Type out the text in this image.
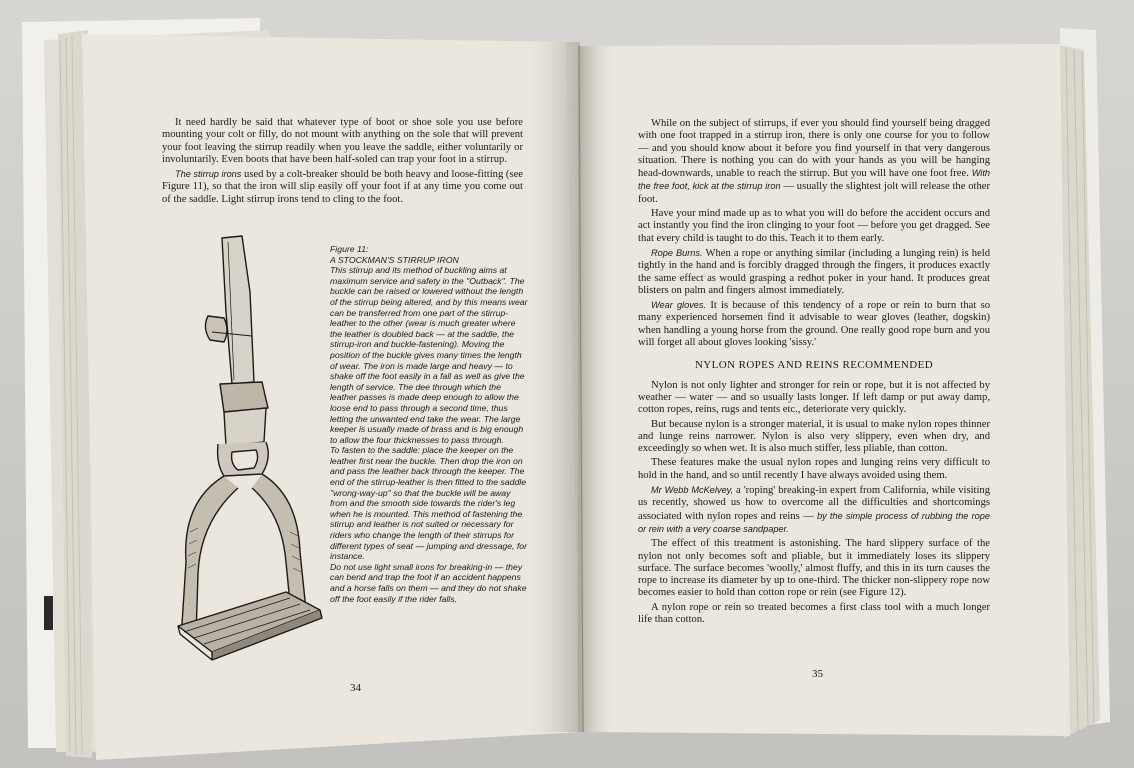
It need hardly be said that whatever type of boot or shoe sole you use before mounting your colt or filly, do not mount with anything on the sole that will prevent your foot leaving the stirrup readily when you leave the saddle, either voluntarily or involuntarily. Even boots that have been half-soled can trap your foot in a stirrup.

The stirrup irons used by a colt-breaker should be both heavy and loose-fitting (see Figure 11), so that the iron will slip easily off your foot if at any time you come out of the saddle. Light stirrup irons tend to cling to the foot.

Figure 11:
A STOCKMAN'S STIRRUP IRON
This stirrup and its method of buckling aims at maximum service and safety in the "Outback". The buckle can be raised or lowered without the length of the stirrup being altered, and by this means wear can be transferred from one part of the stirrup-leather to the other (wear is much greater where the leather is doubled back — at the saddle, the stirrup-iron and buckle-fastening). Moving the position of the buckle gives many times the length of wear. The iron is made large and heavy — to shake off the foot easily in a fall as well as give the length of service. The dee through which the leather passes is made deep enough to allow the loose end to pass through a second time, thus letting the unwanted end take the wear. The large keeper is usually made of brass and is big enough to allow the four thicknesses to pass through.
To fasten to the saddle: place the keeper on the leather first near the buckle. Then drop the iron on and pass the leather back through the keeper. The end of the stirrup-leather is then fitted to the saddle "wrong-way-up" so that the buckle will be away from and the smooth side towards the rider's leg when he is mounted. This method of fastening the stirrup and leather is not suited or necessary for riders who change the length of their stirrups for different types of seat — jumping and dressage, for instance.
Do not use light small irons for breaking-in — they can bend and trap the foot if an accident happens and a horse falls on them — and they do not shake off the foot easily if the rider falls.
34

While on the subject of stirrups, if ever you should find yourself being dragged with one foot trapped in a stirrup iron, there is only one course for you to follow — and you should know about it before you find yourself in that very dangerous situation. There is nothing you can do with your hands as you will be hanging head-downwards, unable to reach the stirrup. But you will have one foot free. With the free foot, kick at the stirrup iron — usually the slightest jolt will release the other foot.

Have your mind made up as to what you will do before the accident occurs and act instantly you find the iron clinging to your foot — before you get dragged. See that every child is taught to do this. Teach it to them early.

Rope Burns. When a rope or anything similar (including a lunging rein) is held tightly in the hand and is forcibly dragged through the fingers, it produces exactly the same effect as would grasping a redhot poker in your hand. It produces great blisters on palm and fingers almost immediately.

Wear gloves. It is because of this tendency of a rope or rein to burn that so many experienced horsemen find it advisable to wear gloves (leather, dogskin) when handling a young horse from the ground. One really good rope burn and you will forget all about gloves looking 'sissy.'

NYLON ROPES AND REINS RECOMMENDED

Nylon is not only lighter and stronger for rein or rope, but it is not affected by weather — water — and so usually lasts longer. If left damp or put away damp, cotton ropes, reins, rugs and tents etc., deteriorate very quickly.

But because nylon is a stronger material, it is usual to make nylon ropes thinner and lunge reins narrower. Nylon is also very slippery, even when dry, and exceedingly so when wet. It is also much stiffer, less pliable, than cotton.

These features make the usual nylon ropes and lunging reins very difficult to hold in the hand, and so until recently I have always avoided using them.

Mr Webb McKelvey, a 'roping' breaking-in expert from California, while visiting us recently, showed us how to overcome all the difficulties and shortcomings associated with nylon ropes and reins — by the simple process of rubbing the rope or rein with a very coarse sandpaper.

The effect of this treatment is astonishing. The hard slippery surface of the nylon not only becomes soft and pliable, but it immediately loses its slippery surface. The surface becomes 'woolly,' almost fluffy, and this in its turn causes the rope to increase its diameter by up to one-third. The thicker non-slippery rope now becomes easier to hold than cotton rope or rein (see Figure 12).

A nylon rope or rein so treated becomes a first class tool with a much longer life than cotton.

35
